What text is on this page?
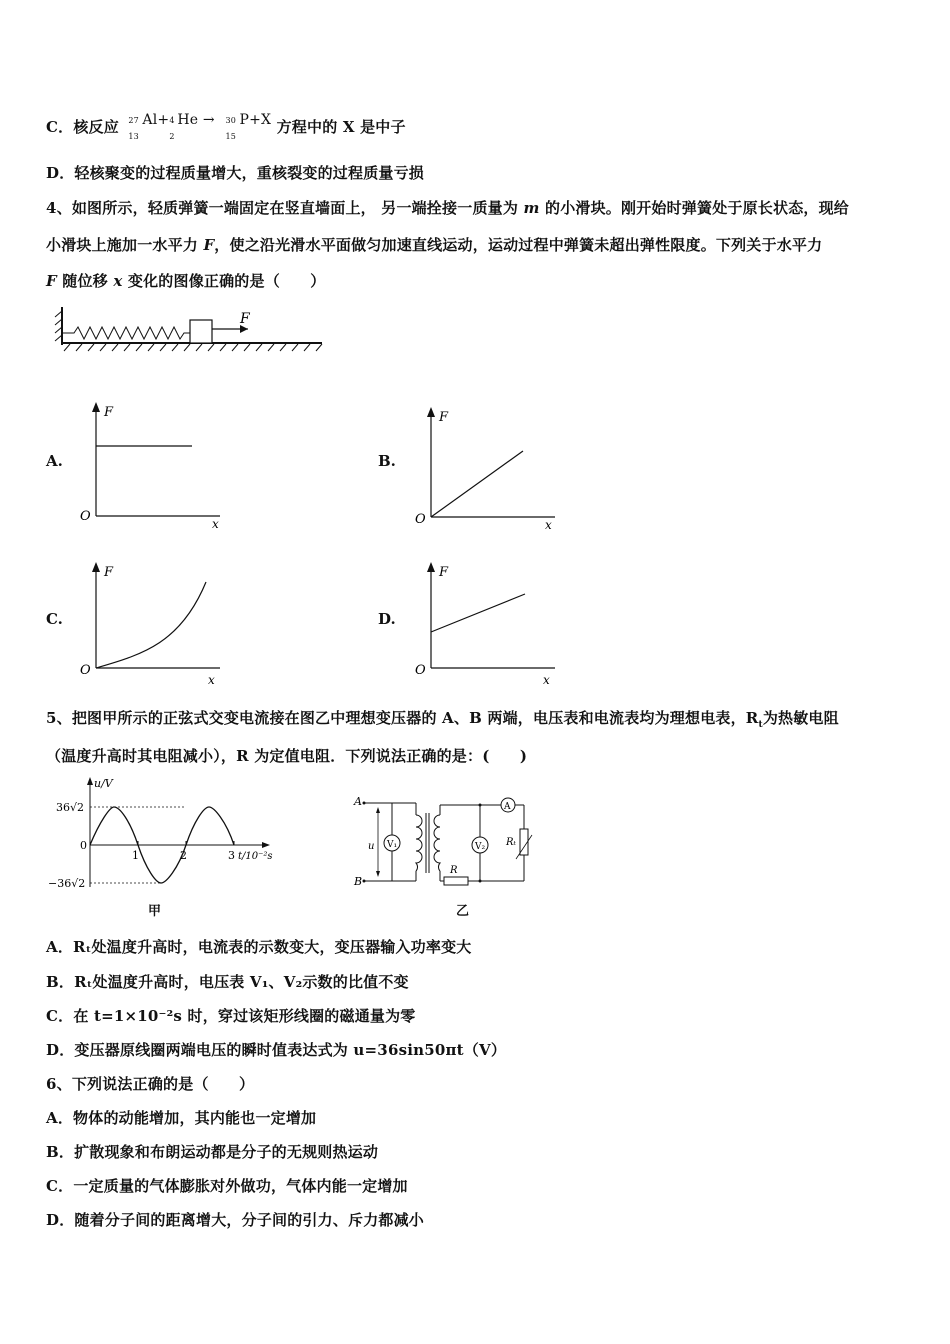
C．核反应 27
13
Al+ 4
2
He → 30
15
P+X 方程中的 X 是中子
D．轻核聚变的过程质量增大，重核裂变的过程质量亏损
4、如图所示，轻质弹簧一端固定在竖直墙面上， 另一端拴接一质量为 m 的小滑块。刚开始时弹簧处于原长状态，现给
小滑块上施加一水平力 F，使之沿光滑水平面做匀加速直线运动，运动过程中弹簧未超出弹性限度。下列关于水平力
F 随位移 x 变化的图像正确的是（　　）
F
A.
F
O	x
B.
F
O	x
C.
F
O
x
D.
F
O
x
5、把图甲所示的正弦式交变电流接在图乙中理想变压器的 A、B 两端，电压表和电流表均为理想电表，$R_t$为热敏电阻
（温度升高时其电阻减小），R 为定值电阻．下列说法正确的是：(　　)
u/V
36√2
0
−36√2
1	2	3 t/10⁻²s
甲
A
B
u V₁
R
V₂
A
Rₜ
乙
A．Rₜ处温度升高时，电流表的示数变大，变压器输入功率变大
B．Rₜ处温度升高时，电压表 V₁、V₂示数的比值不变
C．在 t=1×10⁻²s 时，穿过该矩形线圈的磁通量为零
D．变压器原线圈两端电压的瞬时值表达式为 u=36sin50πt（V）
6、下列说法正确的是（　　）
A．物体的动能增加，其内能也一定增加
B．扩散现象和布朗运动都是分子的无规则热运动
C．一定质量的气体膨胀对外做功，气体内能一定增加
D．随着分子间的距离增大，分子间的引力、斥力都减小
